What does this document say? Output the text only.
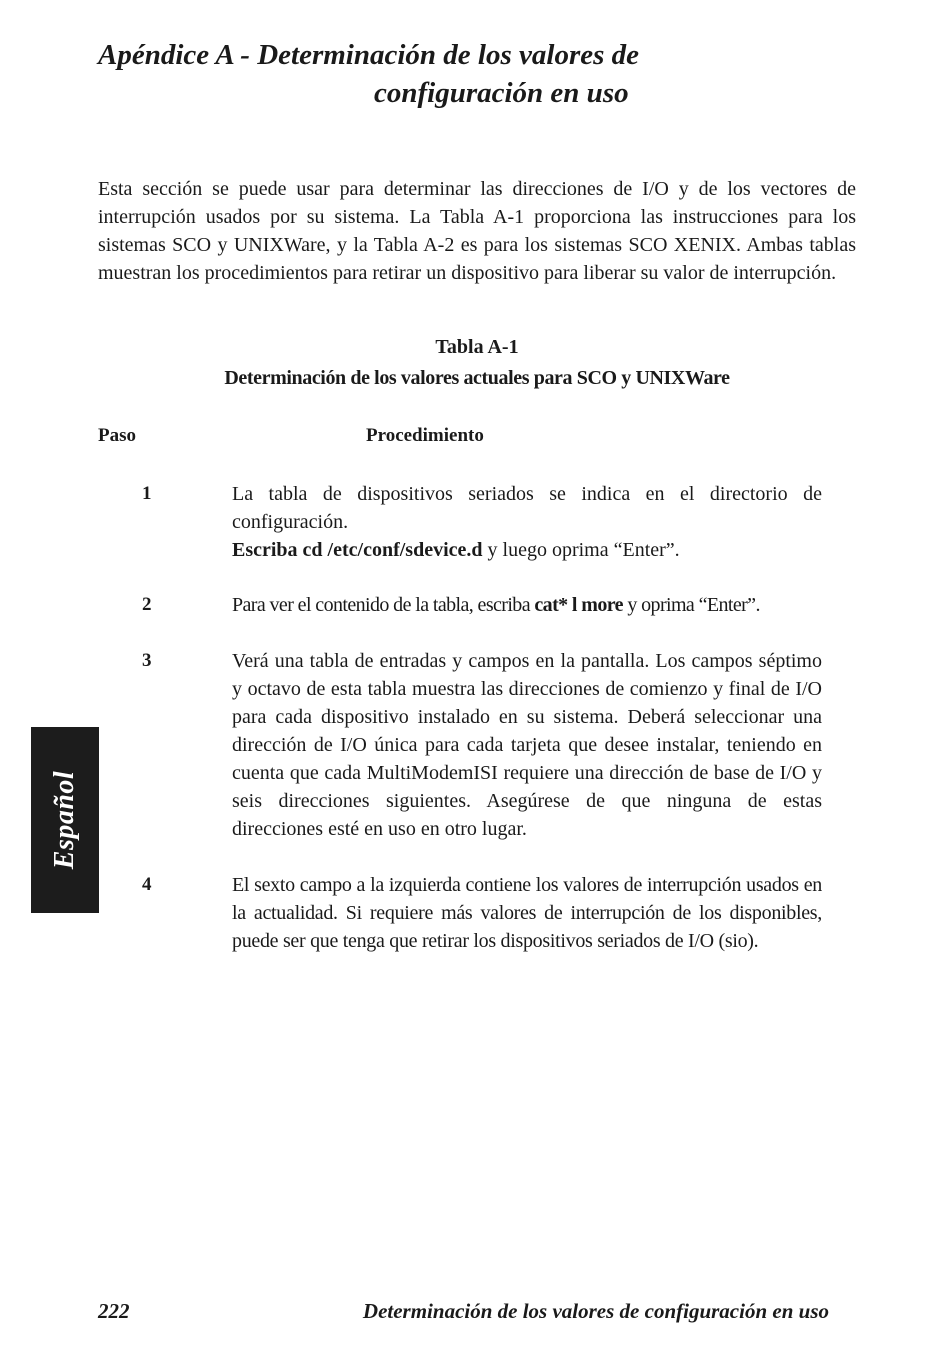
Apéndice A - Determinación de los valores de
configuración en uso

Esta sección se puede usar para determinar las direcciones de I/O y de los vectores de interrupción usados por su sistema. La Tabla A-1 proporciona las instrucciones para los sistemas SCO y UNIXWare, y la Tabla A-2 es para los sistemas SCO XENIX. Ambas tablas muestran los procedimientos para retirar un dispositivo para liberar su valor de interrupción.

Tabla A-1
Determinación de los valores actuales para SCO y UNIXWare
Paso	Procedimiento
1	La tabla de dispositivos seriados se indica en el directorio de configuración.

Escriba cd /etc/conf/sdevice.d y luego oprima “Enter”.

2	Para ver el contenido de la tabla, escriba cat* l more y oprima “Enter”.
3	Verá una tabla de entradas y campos en la pantalla. Los campos séptimo y octavo de esta tabla muestra las direcciones de comienzo y final de I/O para cada dispositivo instalado en su sistema. Deberá seleccionar una dirección de I/O única para cada tarjeta que desee instalar, teniendo en cuenta que cada MultiModemISI requiere una dirección de base de I/O y seis direcciones siguientes. Asegúrese de que ninguna de estas direcciones esté en uso en otro lugar.
4	El sexto campo a la izquierda contiene los valores de interrupción usados en la actualidad. Si requiere más valores de interrupción de los disponibles, puede ser que tenga que retirar los dispositivos seriados de I/O (sio).
Español
222	Determinación de los valores de configuración en uso
